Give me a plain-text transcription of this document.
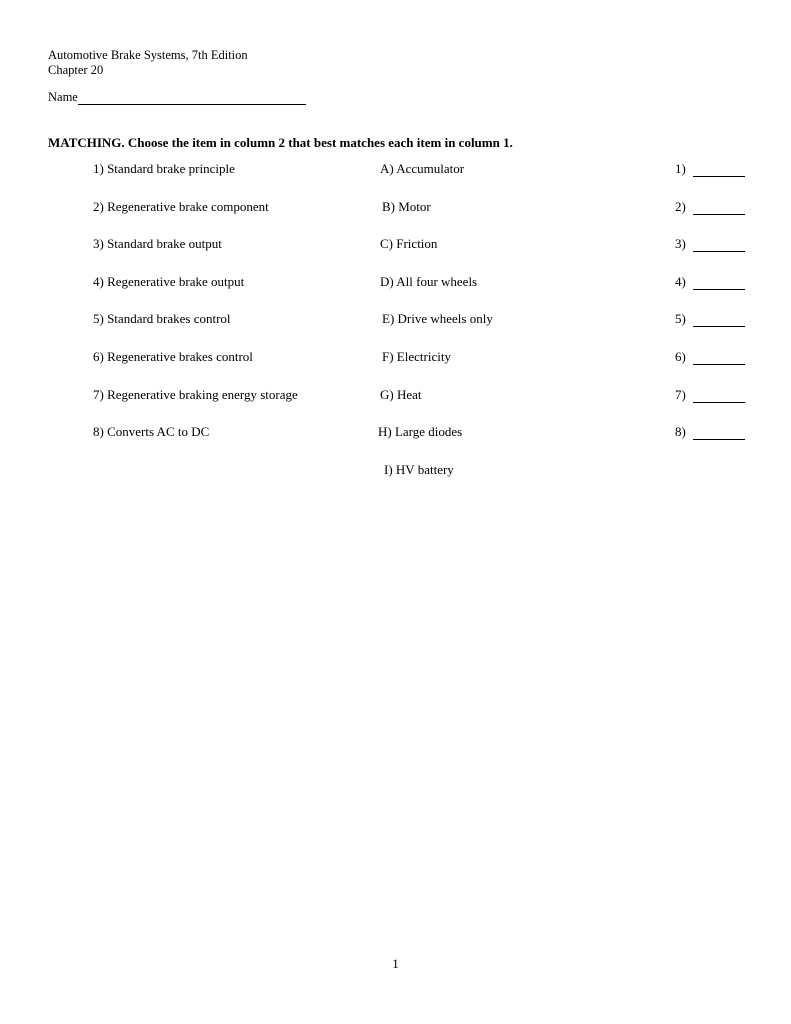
Automotive Brake Systems, 7th Edition
Chapter 20
Name
MATCHING. Choose the item in column 2 that best matches each item in column 1.
1) Standard brake principle	A) Accumulator	1)
2) Regenerative brake component	B) Motor	2)
3) Standard brake output	C) Friction	3)
4) Regenerative brake output	D) All four wheels	4)
5) Standard brakes control	E) Drive wheels only	5)
6) Regenerative brakes control	F) Electricity	6)
7) Regenerative braking energy storage	G) Heat	7)
8) Converts AC to DC	H) Large diodes	8)
I) HV battery
1
